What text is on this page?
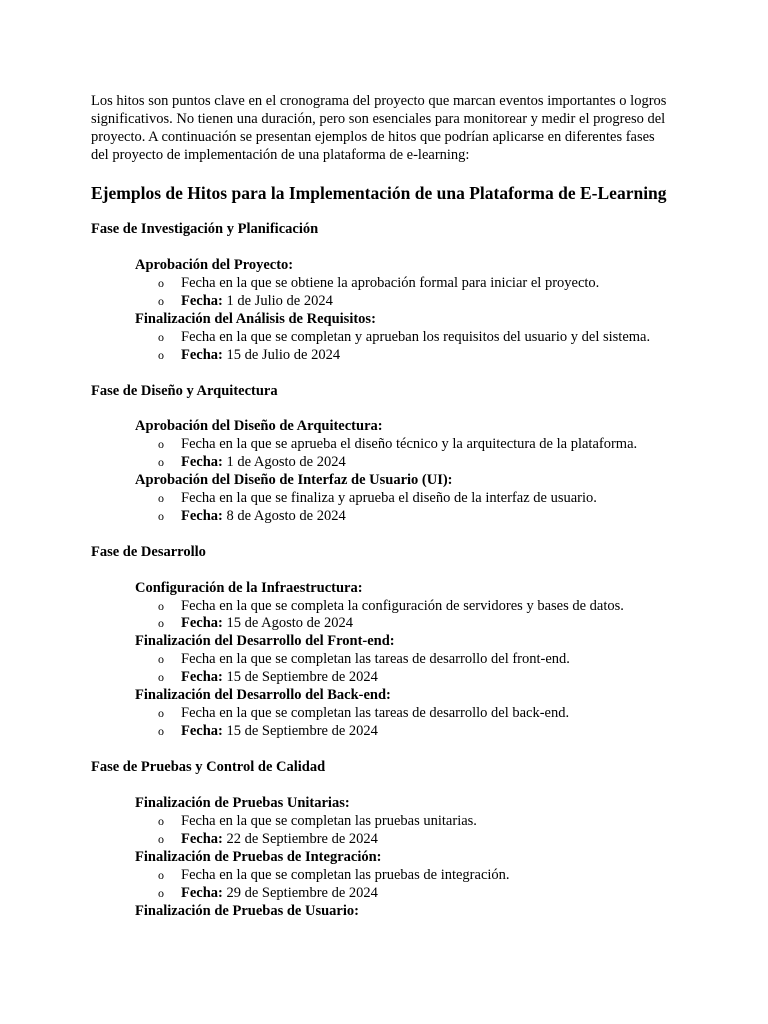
Los hitos son puntos clave en el cronograma del proyecto que marcan eventos importantes o logros significativos. No tienen una duración, pero son esenciales para monitorear y medir el progreso del proyecto. A continuación se presentan ejemplos de hitos que podrían aplicarse en diferentes fases del proyecto de implementación de una plataforma de e-learning:

Ejemplos de Hitos para la Implementación de una Plataforma de E-Learning
Fase de Investigación y Planificación
Aprobación del Proyecto:
o Fecha en la que se obtiene la aprobación formal para iniciar el proyecto.
o Fecha: 1 de Julio de 2024
Finalización del Análisis de Requisitos:
o Fecha en la que se completan y aprueban los requisitos del usuario y del sistema.
o Fecha: 15 de Julio de 2024
Fase de Diseño y Arquitectura
Aprobación del Diseño de Arquitectura:
o Fecha en la que se aprueba el diseño técnico y la arquitectura de la plataforma.
o Fecha: 1 de Agosto de 2024
Aprobación del Diseño de Interfaz de Usuario (UI):
o Fecha en la que se finaliza y aprueba el diseño de la interfaz de usuario.
o Fecha: 8 de Agosto de 2024
Fase de Desarrollo
Configuración de la Infraestructura:
o Fecha en la que se completa la configuración de servidores y bases de datos.
o Fecha: 15 de Agosto de 2024
Finalización del Desarrollo del Front-end:
o Fecha en la que se completan las tareas de desarrollo del front-end.
o Fecha: 15 de Septiembre de 2024
Finalización del Desarrollo del Back-end:
o Fecha en la que se completan las tareas de desarrollo del back-end.
o Fecha: 15 de Septiembre de 2024
Fase de Pruebas y Control de Calidad
Finalización de Pruebas Unitarias:
o Fecha en la que se completan las pruebas unitarias.
o Fecha: 22 de Septiembre de 2024
Finalización de Pruebas de Integración:
o Fecha en la que se completan las pruebas de integración.
o Fecha: 29 de Septiembre de 2024
Finalización de Pruebas de Usuario:
